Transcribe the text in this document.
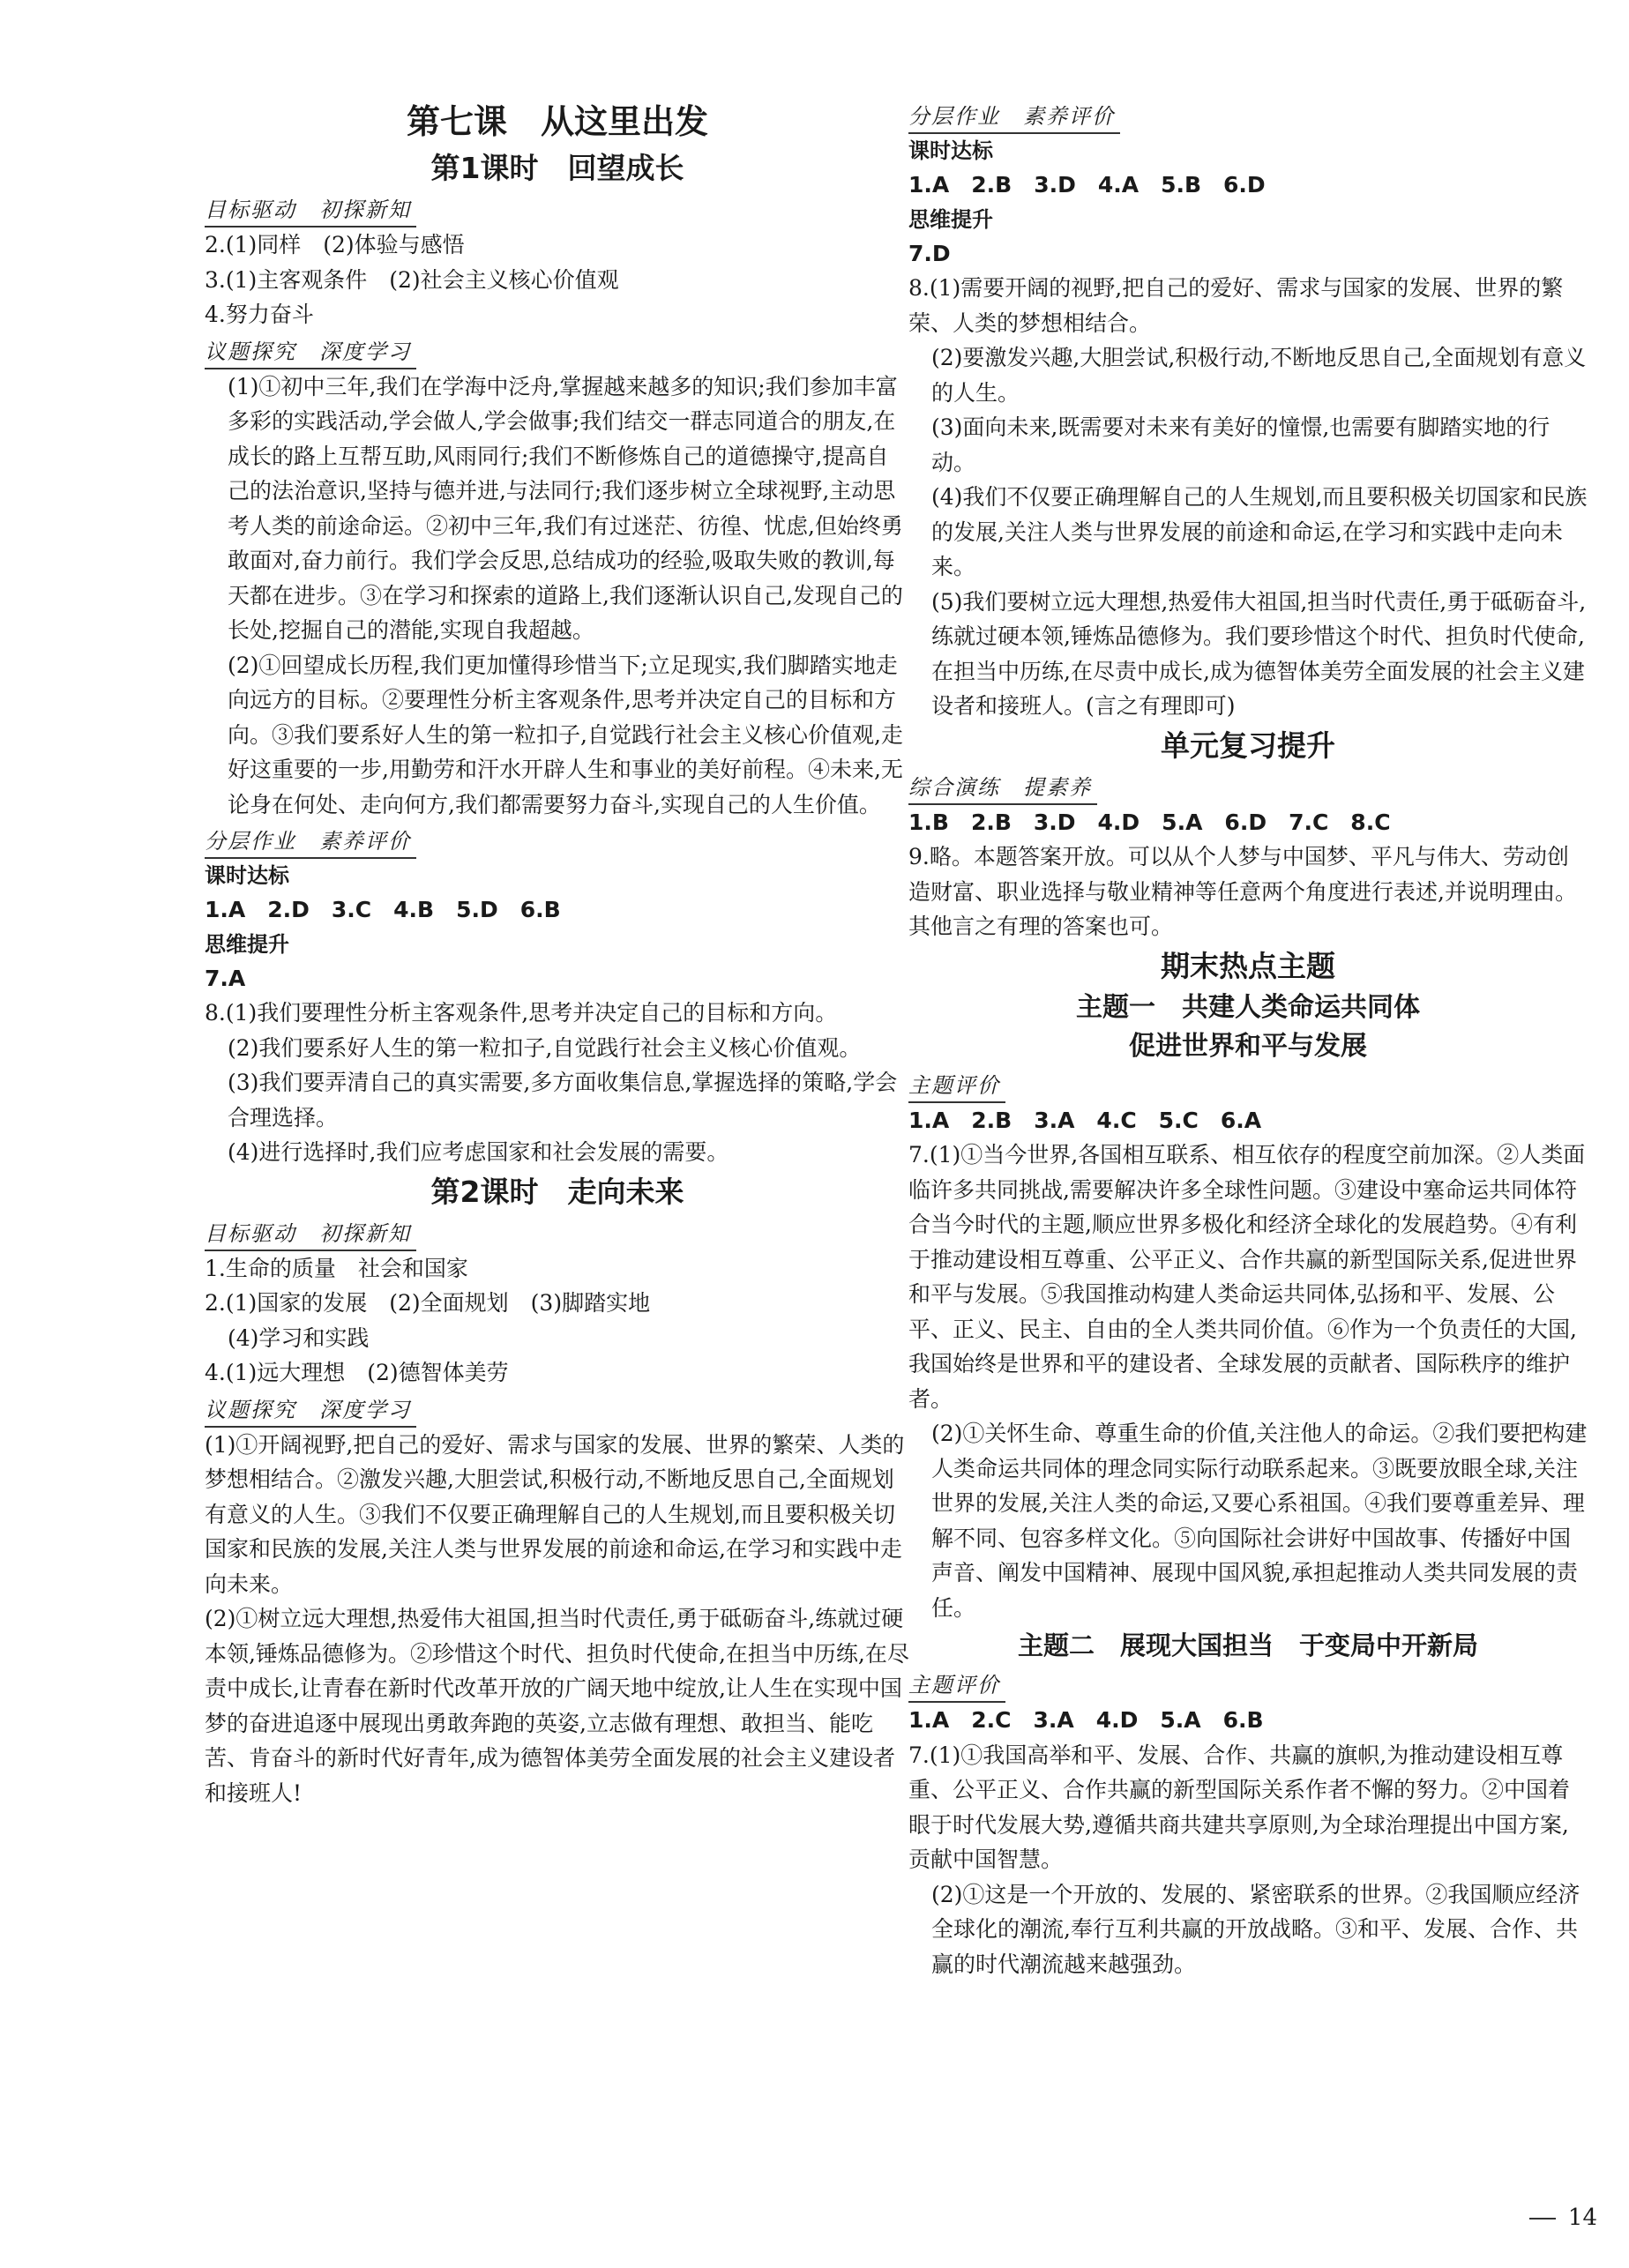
第七课　从这里出发
第1课时　回望成长
目标驱动　初探新知
2.(1)同样　(2)体验与感悟
3.(1)主客观条件　(2)社会主义核心价值观
4.努力奋斗
议题探究　深度学习
(1)①初中三年,我们在学海中泛舟,掌握越来越多的知识;我们参加丰富多彩的实践活动,学会做人,学会做事;我们结交一群志同道合的朋友,在成长的路上互帮互助,风雨同行;我们不断修炼自己的道德操守,提高自己的法治意识,坚持与德并进,与法同行;我们逐步树立全球视野,主动思考人类的前途命运。②初中三年,我们有过迷茫、彷徨、忧虑,但始终勇敢面对,奋力前行。我们学会反思,总结成功的经验,吸取失败的教训,每天都在进步。③在学习和探索的道路上,我们逐渐认识自己,发现自己的长处,挖掘自己的潜能,实现自我超越。
(2)①回望成长历程,我们更加懂得珍惜当下;立足现实,我们脚踏实地走向远方的目标。②要理性分析主客观条件,思考并决定自己的目标和方向。③我们要系好人生的第一粒扣子,自觉践行社会主义核心价值观,走好这重要的一步,用勤劳和汗水开辟人生和事业的美好前程。④未来,无论身在何处、走向何方,我们都需要努力奋斗,实现自己的人生价值。
分层作业　素养评价
课时达标
1.A　2.D　3.C　4.B　5.D　6.B
思维提升
7.A
8.(1)我们要理性分析主客观条件,思考并决定自己的目标和方向。
(2)我们要系好人生的第一粒扣子,自觉践行社会主义核心价值观。
(3)我们要弄清自己的真实需要,多方面收集信息,掌握选择的策略,学会合理选择。
(4)进行选择时,我们应考虑国家和社会发展的需要。
第2课时　走向未来
目标驱动　初探新知
1.生命的质量　社会和国家
2.(1)国家的发展　(2)全面规划　(3)脚踏实地
(4)学习和实践
4.(1)远大理想　(2)德智体美劳
议题探究　深度学习
(1)①开阔视野,把自己的爱好、需求与国家的发展、世界的繁荣、人类的梦想相结合。②激发兴趣,大胆尝试,积极行动,不断地反思自己,全面规划有意义的人生。③我们不仅要正确理解自己的人生规划,而且要积极关切国家和民族的发展,关注人类与世界发展的前途和命运,在学习和实践中走向未来。
(2)①树立远大理想,热爱伟大祖国,担当时代责任,勇于砥砺奋斗,练就过硬本领,锤炼品德修为。②珍惜这个时代、担负时代使命,在担当中历练,在尽责中成长,让青春在新时代改革开放的广阔天地中绽放,让人生在实现中国梦的奋进追逐中展现出勇敢奔跑的英姿,立志做有理想、敢担当、能吃苦、肯奋斗的新时代好青年,成为德智体美劳全面发展的社会主义建设者和接班人!
分层作业　素养评价
课时达标
1.A　2.B　3.D　4.A　5.B　6.D
思维提升
7.D
8.(1)需要开阔的视野,把自己的爱好、需求与国家的发展、世界的繁荣、人类的梦想相结合。
(2)要激发兴趣,大胆尝试,积极行动,不断地反思自己,全面规划有意义的人生。
(3)面向未来,既需要对未来有美好的憧憬,也需要有脚踏实地的行动。
(4)我们不仅要正确理解自己的人生规划,而且要积极关切国家和民族的发展,关注人类与世界发展的前途和命运,在学习和实践中走向未来。
(5)我们要树立远大理想,热爱伟大祖国,担当时代责任,勇于砥砺奋斗,练就过硬本领,锤炼品德修为。我们要珍惜这个时代、担负时代使命,在担当中历练,在尽责中成长,成为德智体美劳全面发展的社会主义建设者和接班人。(言之有理即可)
单元复习提升
综合演练　提素养
1.B　2.B　3.D　4.D　5.A　6.D　7.C　8.C
9.略。本题答案开放。可以从个人梦与中国梦、平凡与伟大、劳动创造财富、职业选择与敬业精神等任意两个角度进行表述,并说明理由。其他言之有理的答案也可。
期末热点主题
主题一　共建人类命运共同体
促进世界和平与发展
主题评价
1.A　2.B　3.A　4.C　5.C　6.A
7.(1)①当今世界,各国相互联系、相互依存的程度空前加深。②人类面临许多共同挑战,需要解决许多全球性问题。③建设中塞命运共同体符合当今时代的主题,顺应世界多极化和经济全球化的发展趋势。④有利于推动建设相互尊重、公平正义、合作共赢的新型国际关系,促进世界和平与发展。⑤我国推动构建人类命运共同体,弘扬和平、发展、公平、正义、民主、自由的全人类共同价值。⑥作为一个负责任的大国,我国始终是世界和平的建设者、全球发展的贡献者、国际秩序的维护者。
(2)①关怀生命、尊重生命的价值,关注他人的命运。②我们要把构建人类命运共同体的理念同实际行动联系起来。③既要放眼全球,关注世界的发展,关注人类的命运,又要心系祖国。④我们要尊重差异、理解不同、包容多样文化。⑤向国际社会讲好中国故事、传播好中国声音、阐发中国精神、展现中国风貌,承担起推动人类共同发展的责任。
主题二　展现大国担当　于变局中开新局
主题评价
1.A　2.C　3.A　4.D　5.A　6.B
7.(1)①我国高举和平、发展、合作、共赢的旗帜,为推动建设相互尊重、公平正义、合作共赢的新型国际关系作者不懈的努力。②中国着眼于时代发展大势,遵循共商共建共享原则,为全球治理提出中国方案,贡献中国智慧。
(2)①这是一个开放的、发展的、紧密联系的世界。②我国顺应经济全球化的潮流,奉行互利共赢的开放战略。③和平、发展、合作、共赢的时代潮流越来越强劲。
14
